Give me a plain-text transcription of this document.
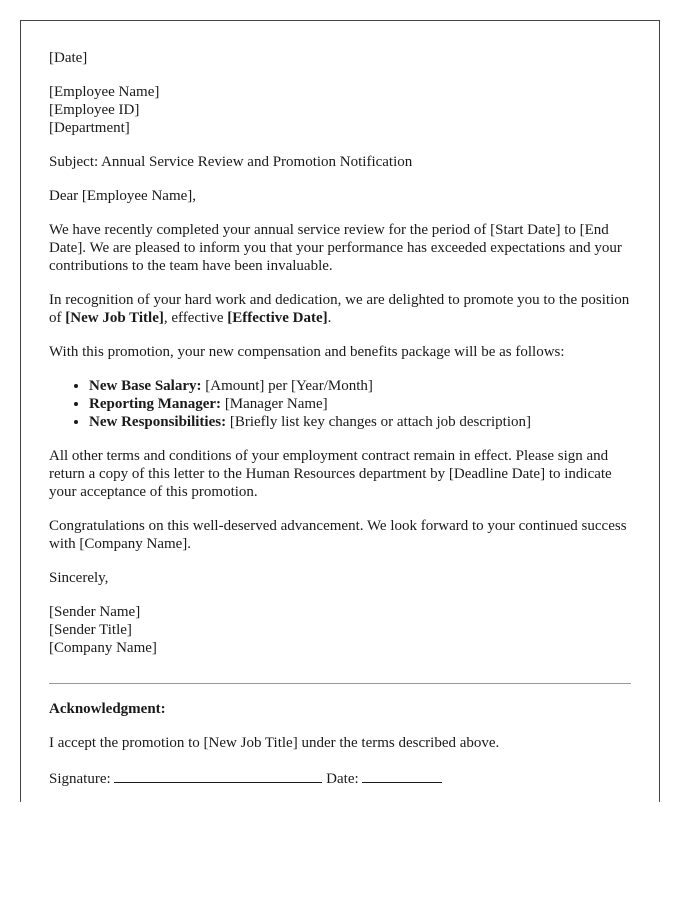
[Date]

[Employee Name]
[Employee ID]
[Department]

Subject: Annual Service Review and Promotion Notification

Dear [Employee Name],

We have recently completed your annual service review for the period of [Start Date] to [End Date]. We are pleased to inform you that your performance has exceeded expectations and your contributions to the team have been invaluable.

In recognition of your hard work and dedication, we are delighted to promote you to the position of [New Job Title], effective [Effective Date].

With this promotion, your new compensation and benefits package will be as follows:

• New Base Salary: [Amount] per [Year/Month]
• Reporting Manager: [Manager Name]
• New Responsibilities: [Briefly list key changes or attach job description]

All other terms and conditions of your employment contract remain in effect. Please sign and return a copy of this letter to the Human Resources department by [Deadline Date] to indicate your acceptance of this promotion.

Congratulations on this well-deserved advancement. We look forward to your continued success with [Company Name].

Sincerely,

[Sender Name]
[Sender Title]
[Company Name]

Acknowledgment:

I accept the promotion to [New Job Title] under the terms described above.

Signature:	Date:
